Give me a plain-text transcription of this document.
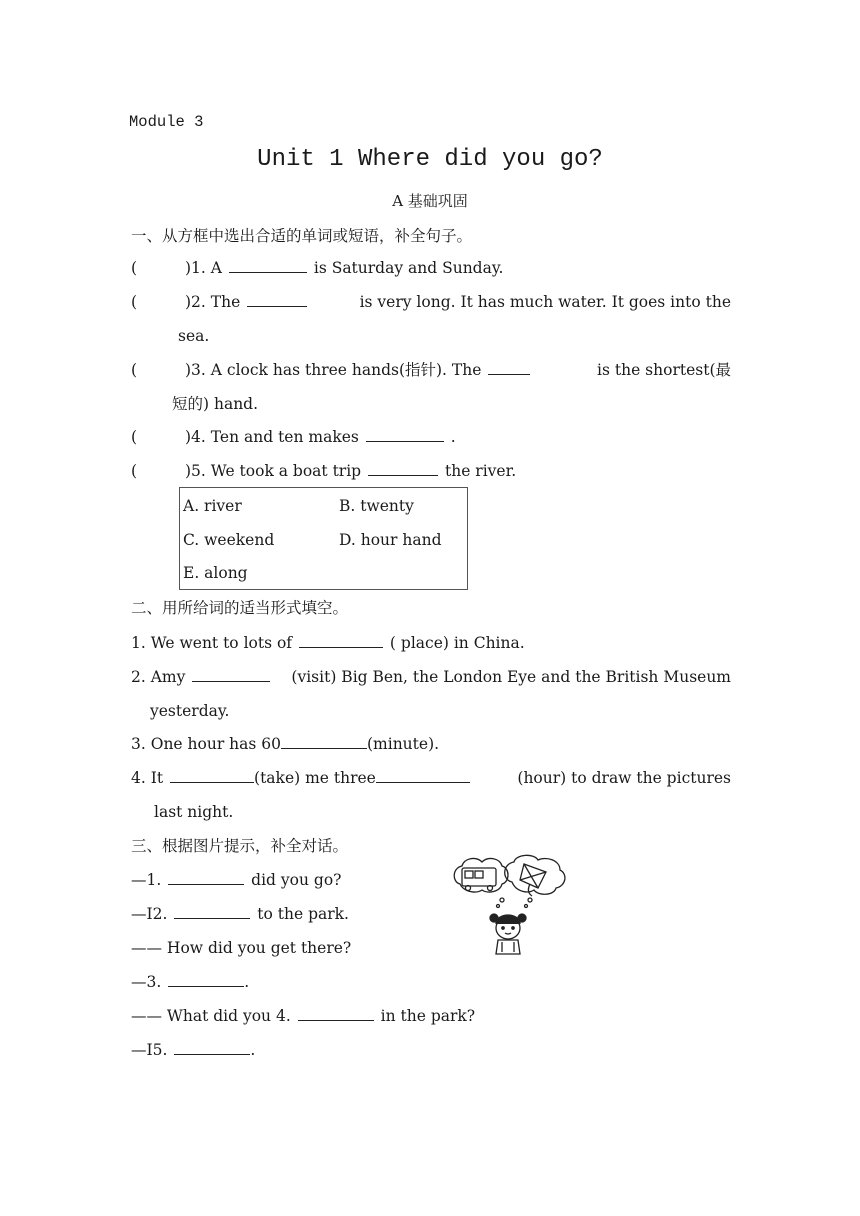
Module 3
Unit 1 Where did you go?
A 基础巩固
一、从方框中选出合适的单词或短语，补全句子。
(	)1. A	is Saturday and Sunday.
(	)2. The	is very long. It has much water. It goes into the
sea.
(	)3. A clock has three hands(指针). The	is the shortest(最
短的) hand.
(	)4. Ten and ten makes	.
(	)5. We took a boat trip	the river.
A. river	B. twenty
C. weekend	D. hour hand
E. along
二、用所给词的适当形式填空。
1. We went to lots of	( place) in China.
2. Amy	(visit) Big Ben, the London Eye and the British Museum
yesterday.
3. One hour has 60	(minute).
4. It	(take) me three	(hour) to draw the pictures
last night.
三、根据图片提示，补全对话。
—1.	did you go?
—I2.	to the park.
—— How did you get there?
—3.	.
—— What did you 4.	in the park?
—I5.	.
